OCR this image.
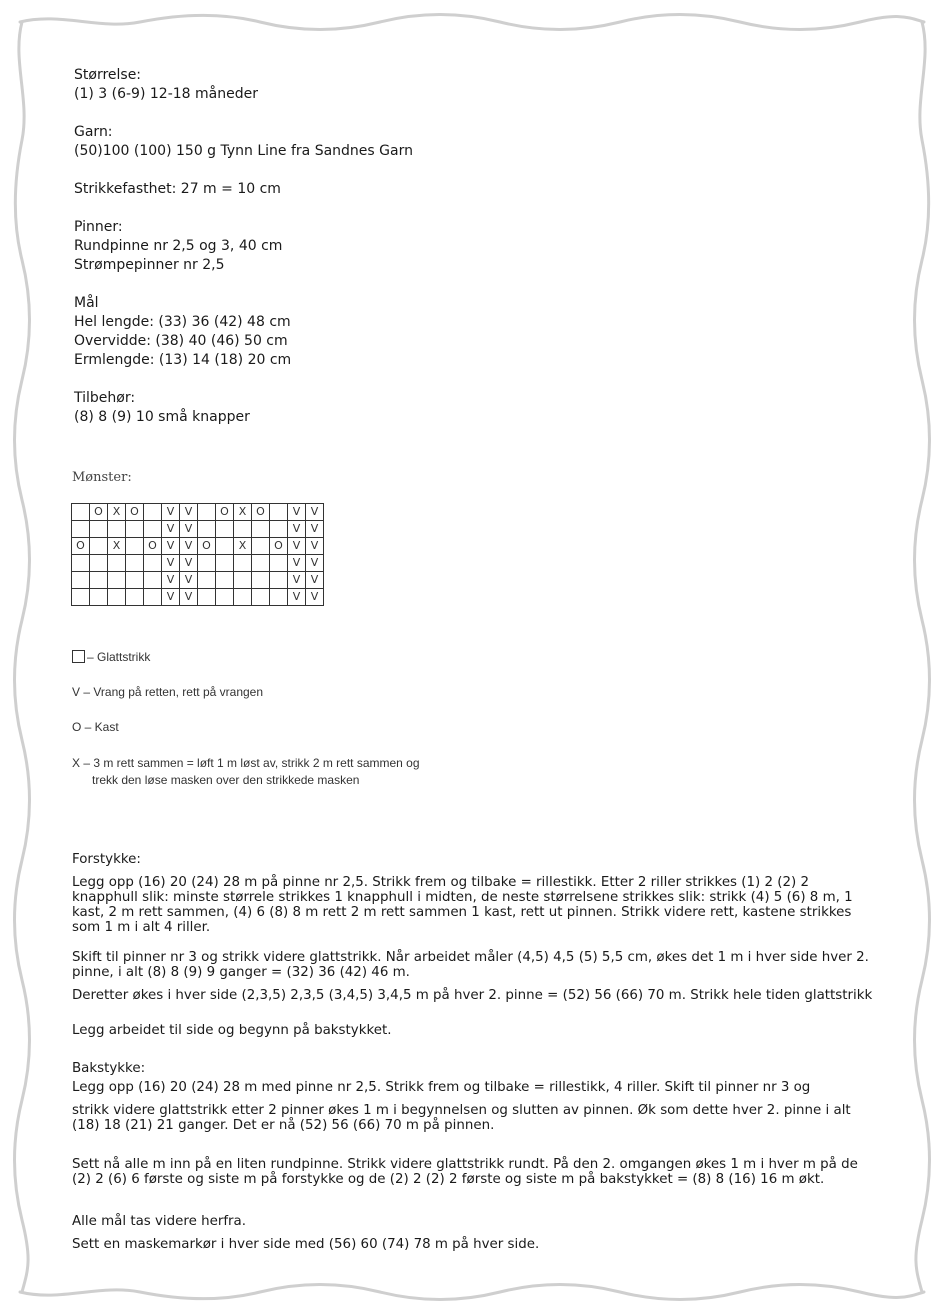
Størrelse:
(1) 3 (6-9) 12-18 måneder
Garn:
(50)100 (100) 150 g Tynn Line fra Sandnes Garn
Strikkefasthet: 27 m = 10 cm
Pinner:
Rundpinne nr 2,5 og 3, 40 cm
Strømpepinner nr 2,5
Mål
Hel lengde: (33) 36 (42) 48 cm
Overvidde: (38) 40 (46) 50 cm
Ermlengde: (13) 14 (18) 20 cm
Tilbehør:
(8) 8 (9) 10 små knapper
Mønster:
	O	X	O		V	V		O	X	O		V	V
					V	V						V	V
O		X		O	V	V	O		X		O	V	V
					V	V						V	V
					V	V						V	V
					V	V						V	V
– Glattstrikk
V – Vrang på retten, rett på vrangen
O – Kast
X – 3 m rett sammen = løft 1 m løst av, strikk 2 m rett sammen og
trekk den løse masken over den strikkede masken
Forstykke:
Legg opp (16) 20 (24) 28 m på pinne nr 2,5. Strikk frem og tilbake = rillestikk. Etter 2 riller strikkes (1) 2 (2) 2 knapphull slik: minste størrele strikkes 1 knapphull i midten, de neste størrelsene strikkes slik: strikk (4) 5 (6) 8 m, 1 kast, 2 m rett sammen, (4) 6 (8) 8 m rett 2 m rett sammen 1 kast, rett ut pinnen. Strikk videre rett, kastene strikkes som 1 m i alt 4 riller.
Skift til pinner nr 3 og strikk videre glattstrikk. Når arbeidet måler (4,5) 4,5 (5) 5,5 cm, økes det 1 m i hver side hver 2. pinne, i alt (8) 8 (9) 9 ganger = (32) 36 (42) 46 m.
Deretter økes i hver side (2,3,5) 2,3,5 (3,4,5) 3,4,5 m på hver 2. pinne = (52) 56 (66) 70 m. Strikk hele tiden glattstrikk
Legg arbeidet til side og begynn på bakstykket.
Bakstykke:
Legg opp (16) 20 (24) 28 m med pinne nr 2,5. Strikk frem og tilbake = rillestikk, 4 riller. Skift til pinner nr 3 og
strikk videre glattstrikk etter 2 pinner økes 1 m i begynnelsen og slutten av pinnen. Øk som dette hver 2. pinne i alt (18) 18 (21) 21 ganger. Det er nå (52) 56 (66) 70 m på pinnen.
Sett nå alle m inn på en liten rundpinne. Strikk videre glattstrikk rundt. På den 2. omgangen økes 1 m i hver m på de (2) 2 (6) 6 første og siste m på forstykke og de (2) 2 (2) 2 første og siste m på bakstykket = (8) 8 (16) 16 m økt.
Alle mål tas videre herfra.
Sett en maskemarkør i hver side med (56) 60 (74) 78 m på hver side.
